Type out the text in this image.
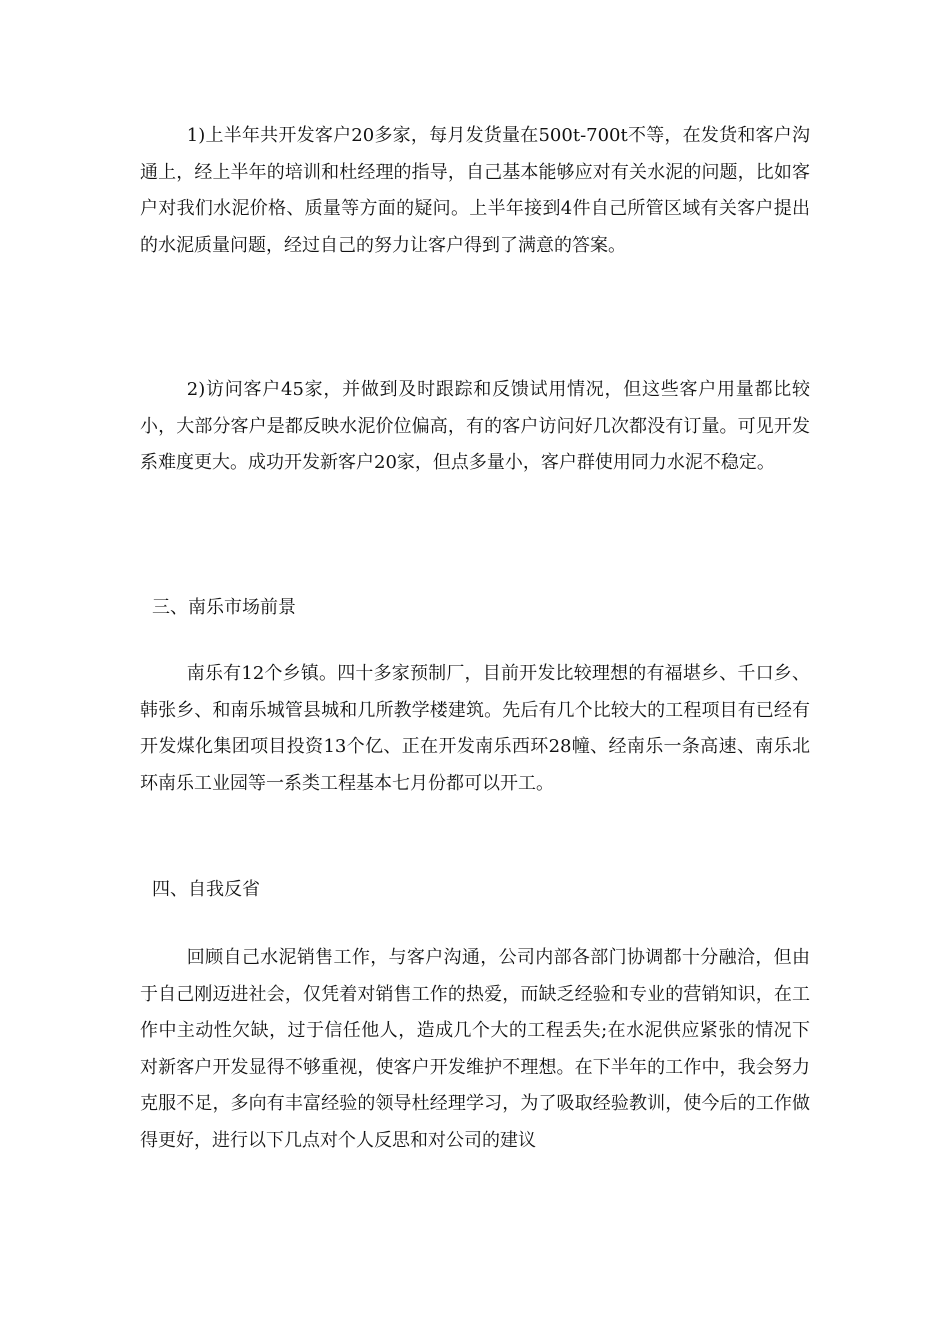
1)上半年共开发客户20多家，每月发货量在500t-700t不等，在发货和客户沟通上，经上半年的培训和杜经理的指导，自己基本能够应对有关水泥的问题，比如客户对我们水泥价格、质量等方面的疑问。上半年接到4件自己所管区域有关客户提出的水泥质量问题，经过自己的努力让客户得到了满意的答案。

2)访问客户45家，并做到及时跟踪和反馈试用情况，但这些客户用量都比较小，大部分客户是都反映水泥价位偏高，有的客户访问好几次都没有订量。可见开发系难度更大。成功开发新客户20家，但点多量小，客户群使用同力水泥不稳定。

三、南乐市场前景

南乐有12个乡镇。四十多家预制厂，目前开发比较理想的有福堪乡、千口乡、韩张乡、和南乐城管县城和几所教学楼建筑。先后有几个比较大的工程项目有已经有开发煤化集团项目投资13个亿、正在开发南乐西环28幢、经南乐一条高速、南乐北环南乐工业园等一系类工程基本七月份都可以开工。

四、自我反省

回顾自己水泥销售工作，与客户沟通，公司内部各部门协调都十分融洽，但由于自己刚迈进社会，仅凭着对销售工作的热爱，而缺乏经验和专业的营销知识，在工作中主动性欠缺，过于信任他人，造成几个大的工程丢失;在水泥供应紧张的情况下对新客户开发显得不够重视，使客户开发维护不理想。在下半年的工作中，我会努力克服不足，多向有丰富经验的领导杜经理学习，为了吸取经验教训，使今后的工作做得更好，进行以下几点对个人反思和对公司的建议
